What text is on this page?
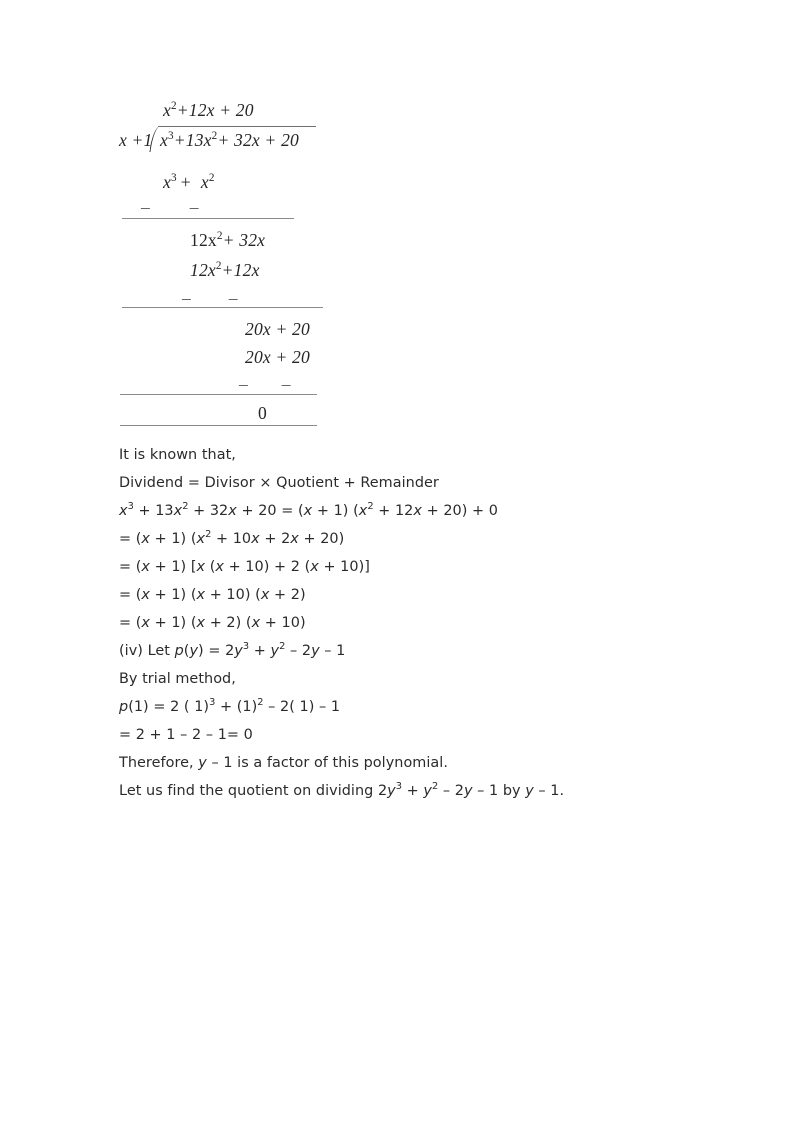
$x^2+12x + 20$
x +1 $x^3+13x^2+ 32x + 20$
$x^3 + x^2$
– –
$12x^2+ 32x$
$12x^2+12x$
– –
20x + 20
20x + 20
– –
0
It is known that,
Dividend = Divisor × Quotient + Remainder
$x^3 + 13x^2 + 32x + 20 = (x + 1) (x^2 + 12x + 20) + 0$
= (x + 1) $(x^2 + 10x + 2x + 20)$
= (x + 1) [x (x + 10) + 2 (x + 10)]
= (x + 1) (x + 10) (x + 2)
= (x + 1) (x + 2) (x + 10)
(iv) Let $p(y) = 2y^3 + y^2 - 2y - 1$
By trial method,
p(1) = 2 ( $1)^3 + (1)^2 - 2$( 1) – 1
= 2 + 1 – 2 – 1= 0
Therefore, y – 1 is a factor of this polynomial.
Let us find the quotient on dividing $2y^3 + y^2 - 2y - 1$ by y – 1.
